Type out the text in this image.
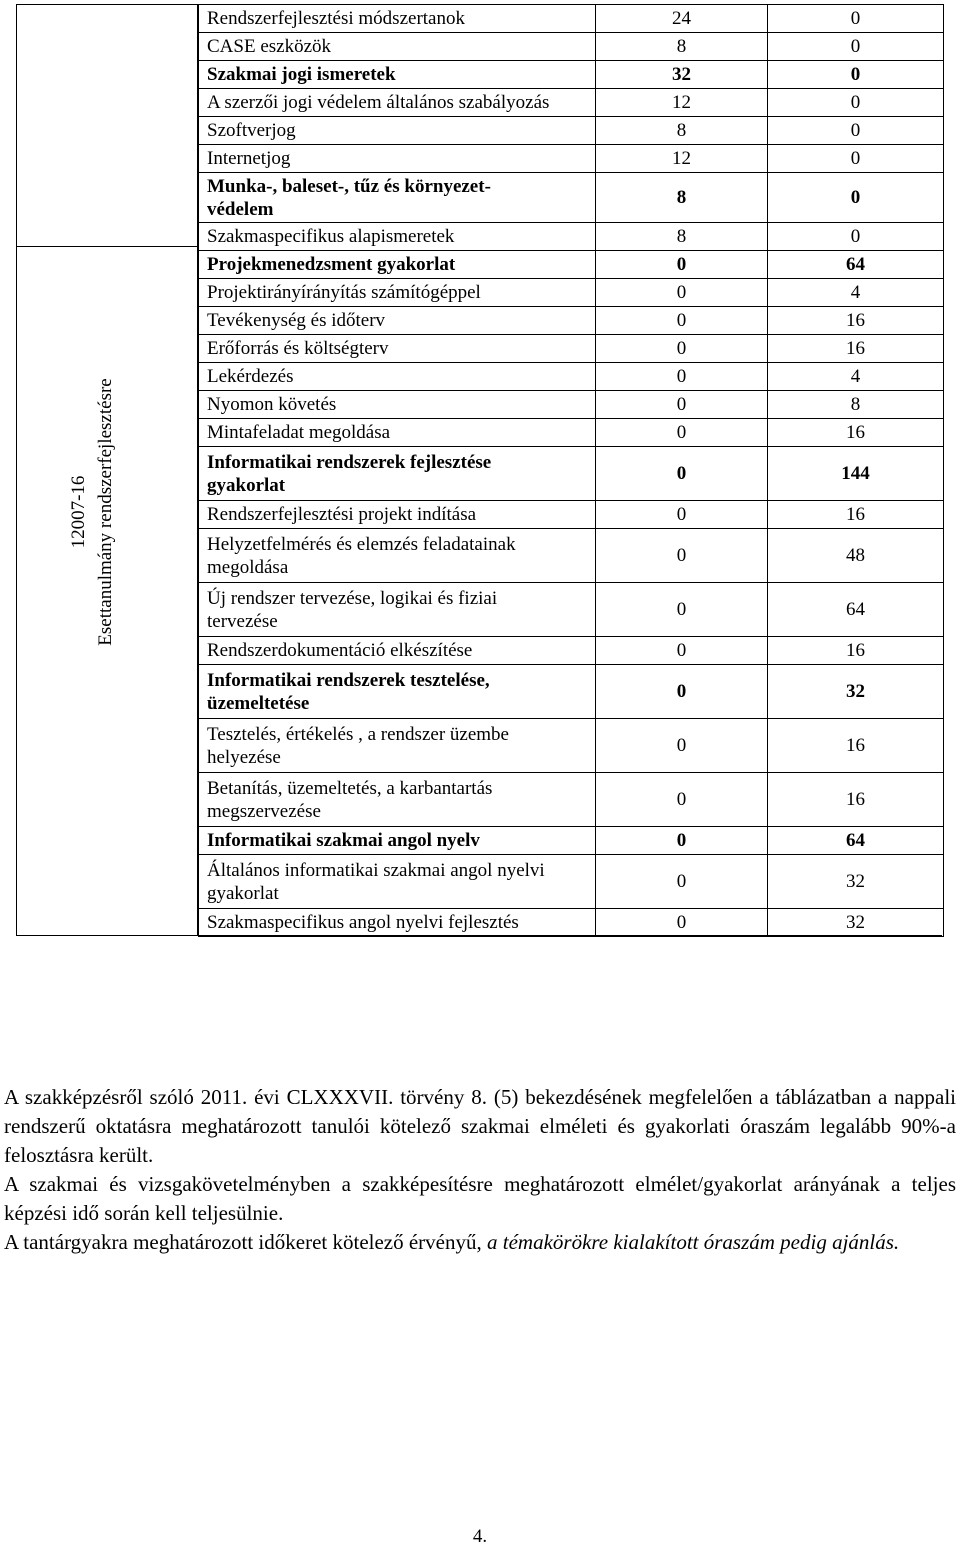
12007-16 Esettanulmány rendszerfejlesztésre
Rendszerfejlesztési módszertanok	24	0
CASE eszközök	8	0
Szakmai jogi ismeretek	32	0
A szerzői jogi védelem általános szabályozás	12	0
Szoftverjog	8	0
Internetjog	12	0
Munka-, baleset-, tűz és környezet-
védelem	8	0
Szakmaspecifikus alapismeretek	8	0
Projekmenedzsment gyakorlat	0	64
Projektirányírányítás számítógéppel	0	4
Tevékenység és időterv	0	16
Erőforrás és költségterv	0	16
Lekérdezés	0	4
Nyomon követés	0	8
Mintafeladat megoldása	0	16
Informatikai rendszerek fejlesztése
gyakorlat	0	144
Rendszerfejlesztési projekt indítása	0	16
Helyzetfelmérés és elemzés feladatainak
megoldása	0	48
Új rendszer tervezése, logikai és fiziai
tervezése	0	64
Rendszerdokumentáció elkészítése	0	16
Informatikai rendszerek tesztelése,
üzemeltetése	0	32
Tesztelés, értékelés , a rendszer üzembe
helyezése	0	16
Betanítás, üzemeltetés, a karbantartás
megszervezése	0	16
Informatikai szakmai angol nyelv	0	64
Általános informatikai szakmai angol nyelvi
gyakorlat	0	32
Szakmaspecifikus angol nyelvi fejlesztés	0	32

A szakképzésről szóló 2011. évi CLXXXVII. törvény 8. (5) bekezdésének megfelelően a táblázatban a nappali rendszerű oktatásra meghatározott tanulói kötelező szakmai elméleti és gyakorlati óraszám legalább 90%-a felosztásra került.

A szakmai és vizsgakövetelményben a szakképesítésre meghatározott elmélet/gyakorlat arányának a teljes képzési idő során kell teljesülnie.

A tantárgyakra meghatározott időkeret kötelező érvényű, a témakörökre kialakított óraszám pedig ajánlás.

4.
